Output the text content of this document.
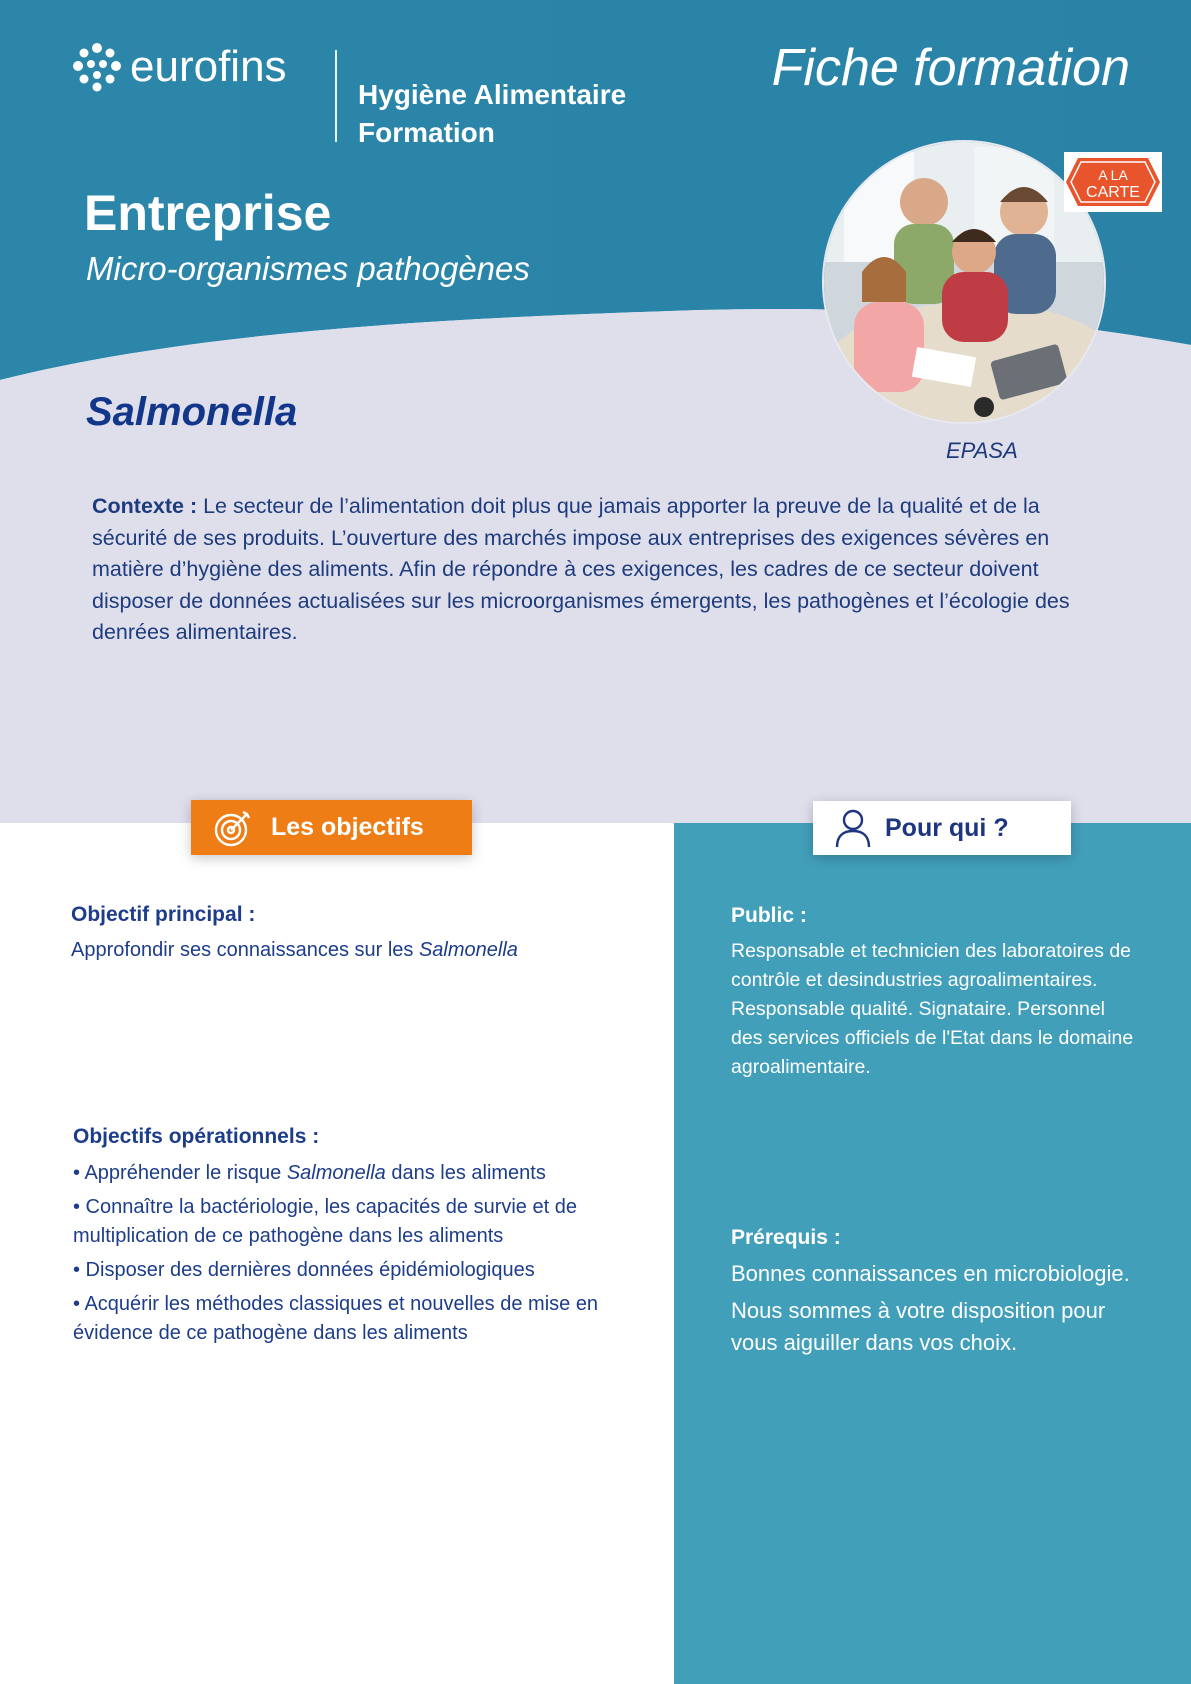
eurofins
Hygiène Alimentaire
Formation
Fiche formation
Entreprise
Micro-organismes pathogènes
A LA
CARTE
EPASA
Salmonella
Contexte : Le secteur de l’alimentation doit plus que jamais apporter la preuve de la qualité et de la sécurité de ses produits. L’ouverture des marchés impose aux entreprises des exigences sévères en matière d’hygiène des aliments. Afin de répondre à ces exigences, les cadres de ce secteur doivent disposer de données actualisées sur les microorganismes émergents, les pathogènes et l’écologie des denrées alimentaires.
Les objectifs	Pour qui ?
Objectif principal :
Approfondir ses connaissances sur les Salmonella
Objectifs opérationnels :
• Appréhender le risque Salmonella dans les aliments
• Connaître la bactériologie, les capacités de survie et de multiplication de ce pathogène dans les aliments
• Disposer des dernières données épidémiologiques
• Acquérir les méthodes classiques et nouvelles de mise en évidence de ce pathogène dans les aliments
Public :
Responsable et technicien des laboratoires de contrôle et desindustries agroalimentaires. Responsable qualité. Signataire. Personnel des services officiels de l'Etat dans le domaine agroalimentaire.
Prérequis :
Bonnes connaissances en microbiologie.
Nous sommes à votre disposition pour vous aiguiller dans vos choix.
